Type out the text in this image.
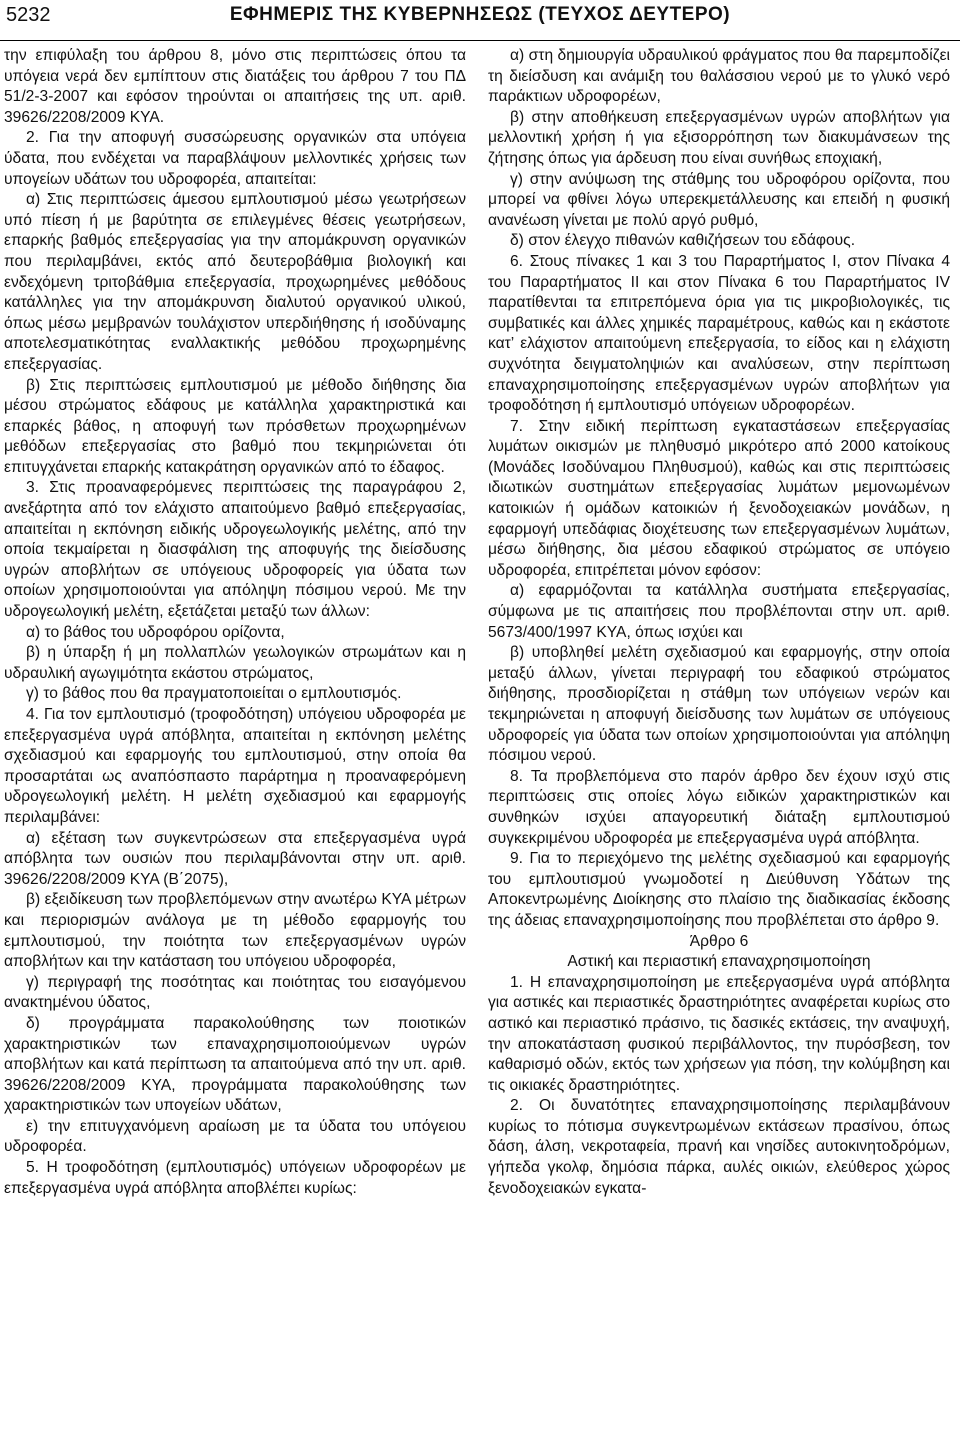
5232	ΕΦΗΜΕΡΙΣ ΤΗΣ ΚΥΒΕΡΝΗΣΕΩΣ (ΤΕΥΧΟΣ ΔΕΥΤΕΡΟ)

την επιφύλαξη του άρθρου 8, μόνο στις περιπτώσεις όπου τα υπόγεια νερά δεν εμπίπτουν στις διατάξεις του άρθρου 7 του ΠΔ 51/2-3-2007 και εφόσον τηρούνται οι απαιτήσεις της υπ. αριθ. 39626/2208/2009 ΚΥΑ.

2. Για την αποφυγή συσσώρευσης οργανικών στα υπόγεια ύδατα, που ενδέχεται να παραβλάψουν μελλοντικές χρήσεις των υπογείων υδάτων του υδροφορέα, απαιτείται:

α) Στις περιπτώσεις άμεσου εμπλουτισμού μέσω γεωτρήσεων υπό πίεση ή με βαρύτητα σε επιλεγμένες θέσεις γεωτρήσεων, επαρκής βαθμός επεξεργασίας για την απομάκρυνση οργανικών που περιλαμβάνει, εκτός από δευτεροβάθμια βιολογική και ενδεχόμενη τριτοβάθμια επεξεργασία, προχωρημένες μεθόδους κατάλληλες για την απομάκρυνση διαλυτού οργανικού υλικού, όπως μέσω μεμβρανών τουλάχιστον υπερδιήθησης ή ισοδύναμης αποτελεσματικότητας εναλλακτικής μεθόδου προχωρημένης επεξεργασίας.

β) Στις περιπτώσεις εμπλουτισμού με μέθοδο διήθησης δια μέσου στρώματος εδάφους με κατάλληλα χαρακτηριστικά και επαρκές βάθος, η αποφυγή των πρόσθετων προχωρημένων μεθόδων επεξεργασίας στο βαθμό που τεκμηριώνεται ότι επιτυγχάνεται επαρκής κατακράτηση οργανικών από το έδαφος.

3. Στις προαναφερόμενες περιπτώσεις της παραγράφου 2, ανεξάρτητα από τον ελάχιστο απαιτούμενο βαθμό επεξεργασίας, απαιτείται η εκπόνηση ειδικής υδρογεωλογικής μελέτης, από την οποία τεκμαίρεται η διασφάλιση της αποφυγής της διείσδυσης υγρών αποβλήτων σε υπόγειους υδροφορείς για ύδατα των οποίων χρησιμοποιούνται για απόληψη πόσιμου νερού. Με την υδρογεωλογική μελέτη, εξετάζεται μεταξύ των άλλων:

α) το βάθος του υδροφόρου ορίζοντα,

β) η ύπαρξη ή μη πολλαπλών γεωλογικών στρωμάτων και η υδραυλική αγωγιμότητα εκάστου στρώματος,

γ) το βάθος που θα πραγματοποιείται ο εμπλουτισμός.

4. Για τον εμπλουτισμό (τροφοδότηση) υπόγειου υδροφορέα με επεξεργασμένα υγρά απόβλητα, απαιτείται η εκπόνηση μελέτης σχεδιασμού και εφαρμογής του εμπλουτισμού, στην οποία θα προσαρτάται ως αναπόσπαστο παράρτημα η προαναφερόμενη υδρογεωλογική μελέτη. Η μελέτη σχεδιασμού και εφαρμογής περιλαμβάνει:

α) εξέταση των συγκεντρώσεων στα επεξεργασμένα υγρά απόβλητα των ουσιών που περιλαμβάνονται στην υπ. αριθ. 39626/2208/2009 ΚΥΑ (Β΄2075),

β) εξειδίκευση των προβλεπόμενων στην ανωτέρω ΚΥΑ μέτρων και περιορισμών ανάλογα με τη μέθοδο εφαρμογής του εμπλουτισμού, την ποιότητα των επεξεργασμένων υγρών αποβλήτων και την κατάσταση του υπόγειου υδροφορέα,

γ) περιγραφή της ποσότητας και ποιότητας του εισαγόμενου ανακτημένου ύδατος,

δ) προγράμματα παρακολούθησης των ποιοτικών χαρακτηριστικών των επαναχρησιμοποιούμενων υγρών αποβλήτων και κατά περίπτωση τα απαιτούμενα από την υπ. αριθ. 39626/2208/2009 ΚΥΑ, προγράμματα παρακολούθησης των χαρακτηριστικών των υπογείων υδάτων,

ε) την επιτυγχανόμενη αραίωση με τα ύδατα του υπόγειου υδροφορέα.

5. Η τροφοδότηση (εμπλουτισμός) υπόγειων υδροφορέων με επεξεργασμένα υγρά απόβλητα αποβλέπει κυρίως:

α) στη δημιουργία υδραυλικού φράγματος που θα παρεμποδίζει τη διείσδυση και ανάμιξη του θαλάσσιου νερού με το γλυκό νερό παράκτιων υδροφορέων,

β) στην αποθήκευση επεξεργασμένων υγρών αποβλήτων για μελλοντική χρήση ή για εξισορρόπηση των διακυμάνσεων της ζήτησης όπως για άρδευση που είναι συνήθως εποχιακή,

γ) στην ανύψωση της στάθμης του υδροφόρου ορίζοντα, που μπορεί να φθίνει λόγω υπερεκμετάλλευσης και επειδή η φυσική ανανέωση γίνεται με πολύ αργό ρυθμό,

δ) στον έλεγχο πιθανών καθιζήσεων του εδάφους.

6. Στους πίνακες 1 και 3 του Παραρτήματος Ι, στον Πίνακα 4 του Παραρτήματος ΙΙ και στον Πίνακα 6 του Παραρτήματος IV παρατίθενται τα επιτρεπόμενα όρια για τις μικροβιολογικές, τις συμβατικές και άλλες χημικές παραμέτρους, καθώς και η εκάστοτε κατ’ ελάχιστον απαιτούμενη επεξεργασία, το είδος και η ελάχιστη συχνότητα δειγματοληψιών και αναλύσεων, στην περίπτωση επαναχρησιμοποίησης επεξεργασμένων υγρών αποβλήτων για τροφοδότηση ή εμπλουτισμό υπόγειων υδροφορέων.

7. Στην ειδική περίπτωση εγκαταστάσεων επεξεργασίας λυμάτων οικισμών με πληθυσμό μικρότερο από 2000 κατοίκους (Μονάδες Ισοδύναμου Πληθυσμού), καθώς και στις περιπτώσεις ιδιωτικών συστημάτων επεξεργασίας λυμάτων μεμονωμένων κατοικιών ή ομάδων κατοικιών ή ξενοδοχειακών μονάδων, η εφαρμογή υπεδάφιας διοχέτευσης των επεξεργασμένων λυμάτων, μέσω διήθησης, δια μέσου εδαφικού στρώματος σε υπόγειο υδροφορέα, επιτρέπεται μόνον εφόσον:

α) εφαρμόζονται τα κατάλληλα συστήματα επεξεργασίας, σύμφωνα με τις απαιτήσεις που προβλέπονται στην υπ. αριθ. 5673/400/1997 ΚΥΑ, όπως ισχύει και

β) υποβληθεί μελέτη σχεδιασμού και εφαρμογής, στην οποία μεταξύ άλλων, γίνεται περιγραφή του εδαφικού στρώματος διήθησης, προσδιορίζεται η στάθμη των υπόγειων νερών και τεκμηριώνεται η αποφυγή διείσδυσης των λυμάτων σε υπόγειους υδροφορείς για ύδατα των οποίων χρησιμοποιούνται για απόληψη πόσιμου νερού.

8. Τα προβλεπόμενα στο παρόν άρθρο δεν έχουν ισχύ στις περιπτώσεις στις οποίες λόγω ειδικών χαρακτηριστικών και συνθηκών ισχύει απαγορευτική διάταξη εμπλουτισμού συγκεκριμένου υδροφορέα με επεξεργασμένα υγρά απόβλητα.

9. Για το περιεχόμενο της μελέτης σχεδιασμού και εφαρμογής του εμπλουτισμού γνωμοδοτεί η Διεύθυνση Υδάτων της Αποκεντρωμένης Διοίκησης στο πλαίσιο της διαδικασίας έκδοσης της άδειας επαναχρησιμοποίησης που προβλέπεται στο άρθρο 9.

Άρθρο 6

Αστική και περιαστική επαναχρησιμοποίηση

1. Η επαναχρησιμοποίηση με επεξεργασμένα υγρά απόβλητα για αστικές και περιαστικές δραστηριότητες αναφέρεται κυρίως στο αστικό και περιαστικό πράσινο, τις δασικές εκτάσεις, την αναψυχή, την αποκατάσταση φυσικού περιβάλλοντος, την πυρόσβεση, τον καθαρισμό οδών, εκτός των χρήσεων για πόση, την κολύμβηση και τις οικιακές δραστηριότητες.

2. Οι δυνατότητες επαναχρησιμοποίησης περιλαμβάνουν κυρίως το πότισμα συγκεντρωμένων εκτάσεων πρασίνου, όπως δάση, άλση, νεκροταφεία, πρανή και νησίδες αυτοκινητοδρόμων, γήπεδα γκολφ, δημόσια πάρκα, αυλές οικιών, ελεύθερος χώρος ξενοδοχειακών εγκατα-
